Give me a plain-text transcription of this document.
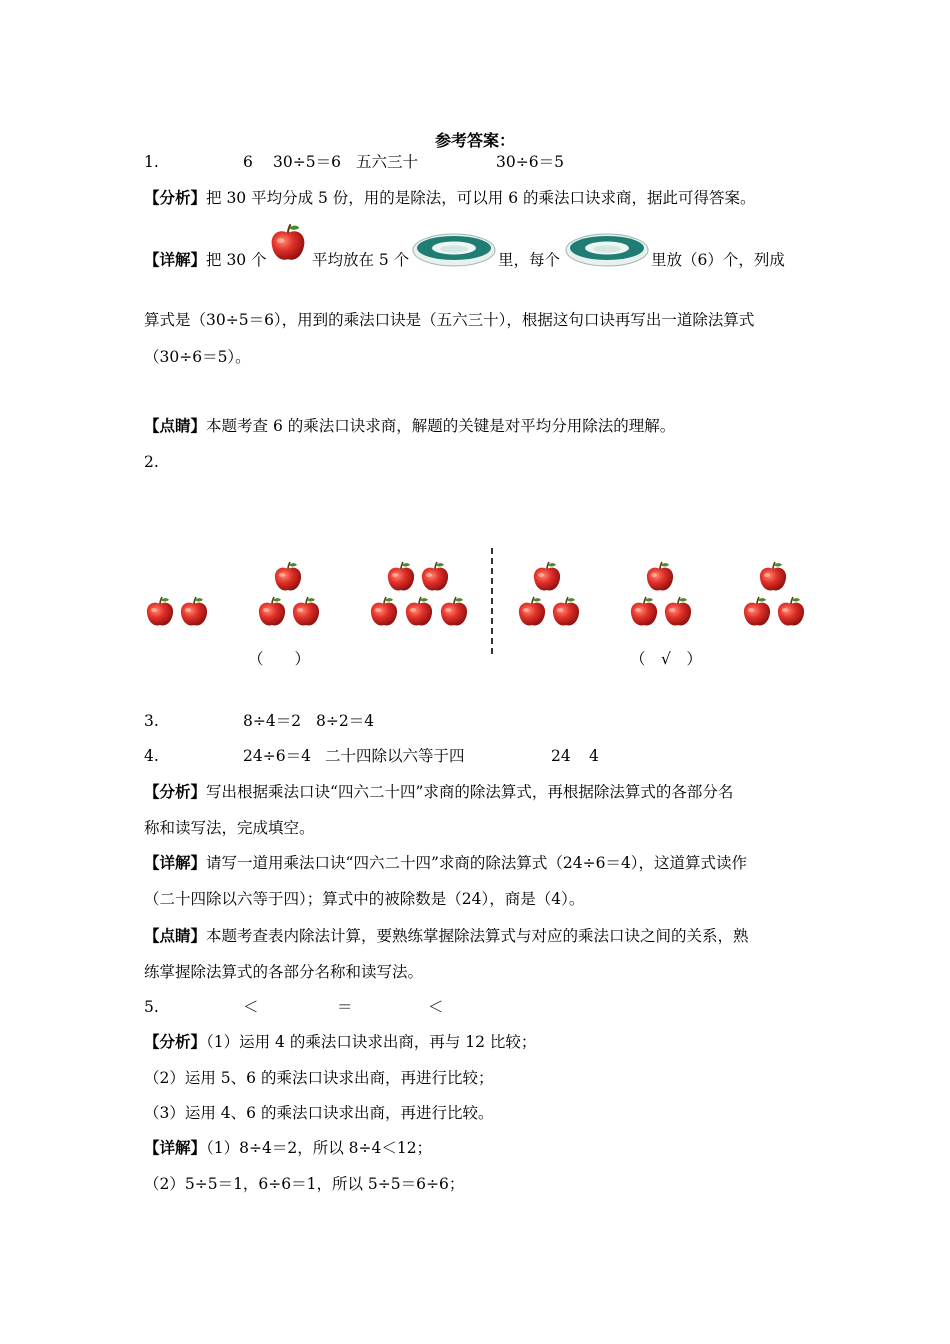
参考答案：
1.	6 30÷5＝6 五六三十	30÷6＝5
【分析】把 30 平均分成 5 份，用的是除法，可以用 6 的乘法口诀求商，据此可得答案。
【详解】把 30 个	平均放在 5 个	里，每个	里放（6）个，列成
算式是（30÷5＝6），用到的乘法口诀是（五六三十），根据这句口诀再写出一道除法算式
（30÷6＝5）。
【点睛】本题考查 6 的乘法口诀求商，解题的关键是对平均分用除法的理解。
2.
（　　）	（　√　）
3.	8÷4＝2 8÷2＝4
4.	24÷6＝4 二十四除以六等于四	24 4
【分析】写出根据乘法口诀“四六二十四”求商的除法算式，再根据除法算式的各部分名
称和读写法，完成填空。
【详解】请写一道用乘法口诀“四六二十四”求商的除法算式（24÷6＝4），这道算式读作
（二十四除以六等于四）；算式中的被除数是（24），商是（4）。
【点睛】本题考查表内除法计算，要熟练掌握除法算式与对应的乘法口诀之间的关系，熟
练掌握除法算式的各部分名称和读写法。
5.	＜	＝	＜
【分析】（1）运用 4 的乘法口诀求出商，再与 12 比较；
（2）运用 5、6 的乘法口诀求出商，再进行比较；
（3）运用 4、6 的乘法口诀求出商，再进行比较。
【详解】（1）8÷4＝2，所以 8÷4＜12；
（2）5÷5＝1，6÷6＝1，所以 5÷5＝6÷6；
